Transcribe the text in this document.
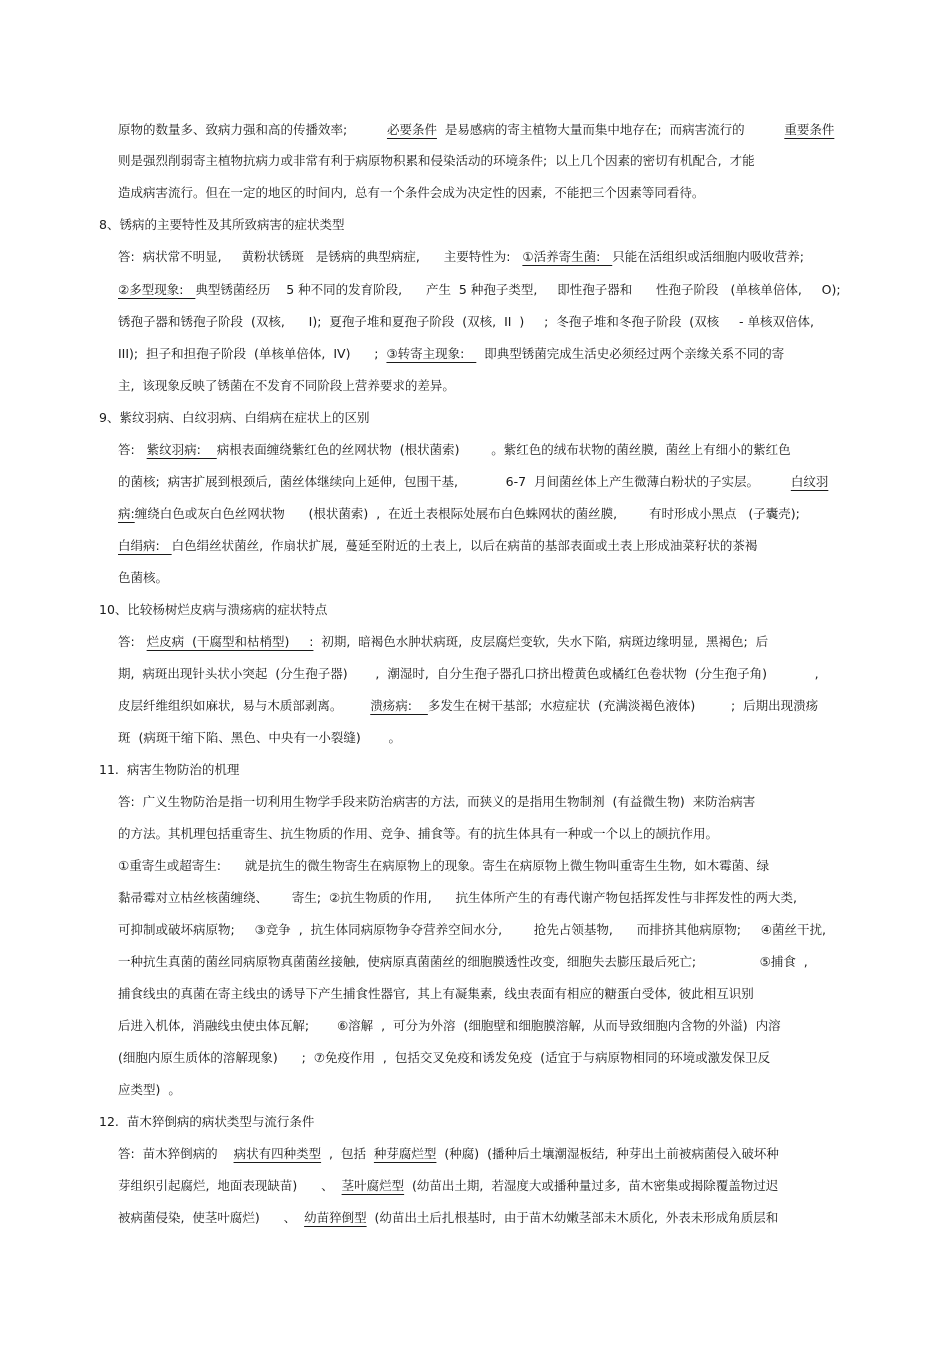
原物的数量多、致病力强和高的传播效率;          必要条件  是易感病的寄主植物大量而集中地存在;  而病害流行的          重要条件
则是强烈削弱寄主植物抗病力或非常有利于病原物积累和侵染活动的环境条件;  以上几个因素的密切有机配合,  才能
造成病害流行。但在一定的地区的时间内,  总有一个条件会成为决定性的因素,  不能把三个因素等同看待。
8、锈病的主要特性及其所致病害的症状类型
答:  病状常不明显,     黄粉状锈斑   是锈病的典型病症,      主要特性为:   ①活养寄生菌:   只能在活组织或活细胞内吸收营养;
②多型现象:   典型锈菌经历    5 种不同的发育阶段,      产生  5 种孢子类型,     即性孢子器和      性孢子阶段   (单核单倍体,     O);
锈孢子器和锈孢子阶段  (双核,      I);  夏孢子堆和夏孢子阶段  (双核,  II  )     ;  冬孢子堆和冬孢子阶段  (双核     - 单核双倍体,
III);  担子和担孢子阶段  (单核单倍体,  IV)      ;  ③转寄主现象:     即典型锈菌完成生活史必须经过两个亲缘关系不同的寄
主,  该现象反映了锈菌在不发育不同阶段上营养要求的差异。
9、紫纹羽病、白纹羽病、白绢病在症状上的区别
答:   紫纹羽病:    病根表面缠绕紫红色的丝网状物  (根状菌索)        。紫红色的绒布状物的菌丝膜,  菌丝上有细小的紫红色
的菌核;  病害扩展到根颈后,  菌丝体继续向上延伸,  包围干基,            6-7  月间菌丝体上产生微薄白粉状的子实层。        白纹羽
病:缠绕白色或灰白色丝网状物      (根状菌索)  ,  在近土表根际处展布白色蛛网状的菌丝膜,        有时形成小黑点   (子囊壳);
白绢病:   白色绢丝状菌丝,  作扇状扩展,  蔓延至附近的土表上,  以后在病苗的基部表面或土表上形成油菜籽状的茶褐
色菌核。
10、比较杨树烂皮病与溃疡病的症状特点
答:   烂皮病  (干腐型和枯梢型)     :  初期,  暗褐色水肿状病斑,  皮层腐烂变软,  失水下陷,  病斑边缘明显,  黑褐色;  后
期,  病斑出现针头状小突起  (分生孢子器)       ,  潮湿时,  自分生孢子器孔口挤出橙黄色或橘红色卷状物  (分生孢子角)            ,
皮层纤维组织如麻状,  易与木质部剥离。       溃疡病:    多发生在树干基部;  水痘症状  (充满淡褐色液体)         ;  后期出现溃疡
斑  (病斑干缩下陷、黑色、中央有一小裂缝)       。
11.  病害生物防治的机理
答:  广义生物防治是指一切利用生物学手段来防治病害的方法,  而狭义的是指用生物制剂  (有益微生物)  来防治病害
的方法。其机理包括重寄生、抗生物质的作用、竞争、捕食等。有的抗生体具有一种或一个以上的颉抗作用。
①重寄生或超寄生:      就是抗生的微生物寄生在病原物上的现象。寄生在病原物上微生物叫重寄生生物,  如木霉菌、绿
黏帚霉对立枯丝核菌缠绕、      寄生;  ②抗生物质的作用,      抗生体所产生的有毒代谢产物包括挥发性与非挥发性的两大类,
可抑制或破坏病原物;     ③竞争  ,  抗生体同病原物争夺营养空间水分,        抢先占领基物,      而排挤其他病原物;     ④菌丝干扰,
一种抗生真菌的菌丝同病原物真菌菌丝接触,  使病原真菌菌丝的细胞膜透性改变,  细胞失去膨压最后死亡;                ⑤捕食  ,
捕食线虫的真菌在寄主线虫的诱导下产生捕食性器官,  其上有凝集素,  线虫表面有相应的糖蛋白受体,  彼此相互识别
后进入机体,  消融线虫使虫体瓦解;       ⑥溶解  ,  可分为外溶  (细胞壁和细胞膜溶解,  从而导致细胞内含物的外溢)  内溶
(细胞内原生质体的溶解现象)      ;  ⑦免疫作用  ,  包括交叉免疫和诱发免疫  (适宜于与病原物相同的环境或激发保卫反
应类型)  。
12.  苗木猝倒病的病状类型与流行条件
答:  苗木猝倒病的    病状有四种类型  ,  包括  种芽腐烂型  (种腐)  (播种后土壤潮湿板结,  种芽出土前被病菌侵入破坏种
芽组织引起腐烂,  地面表现缺苗)      、  茎叶腐烂型  (幼苗出土期,  若湿度大或播种量过多,  苗木密集或揭除覆盖物过迟
被病菌侵染,  使茎叶腐烂)      、  幼苗猝倒型  (幼苗出土后扎根基时,  由于苗木幼嫩茎部未木质化,  外表未形成角质层和
